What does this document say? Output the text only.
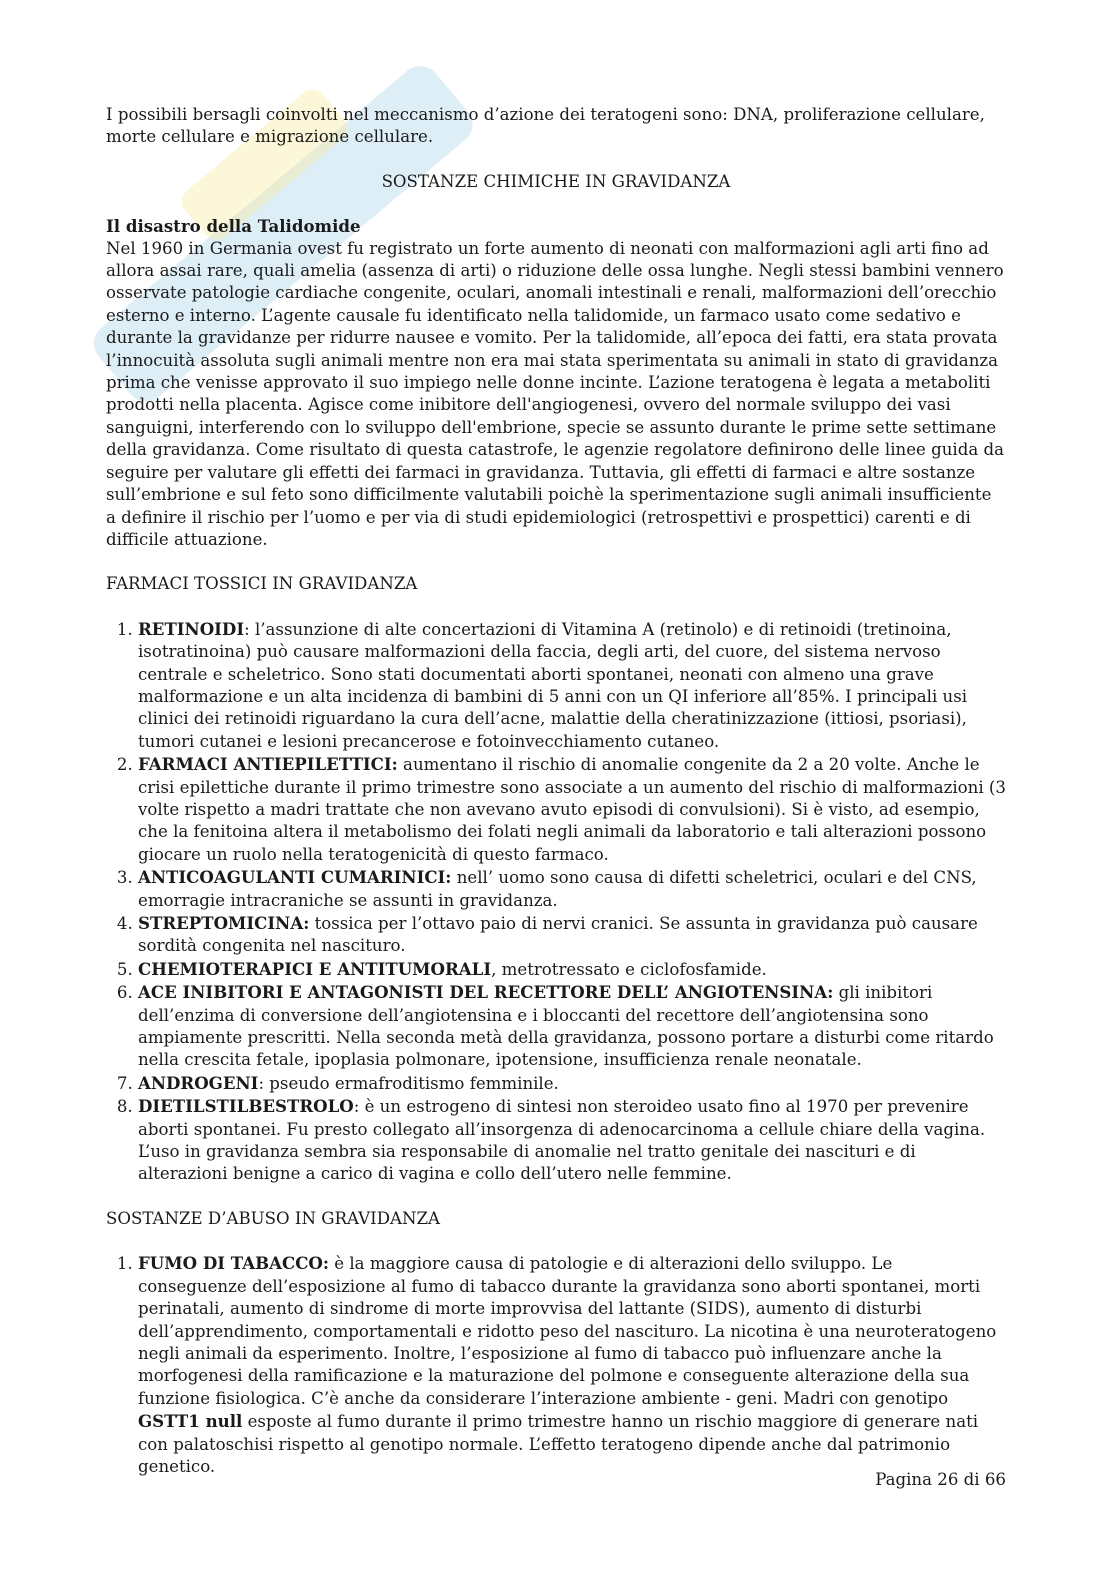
I possibili bersagli coinvolti nel meccanismo d’azione dei teratogeni sono: DNA, proliferazione cellulare, morte cellulare e migrazione cellulare.

SOSTANZE CHIMICHE IN GRAVIDANZA

Il disastro della Talidomide

Nel 1960 in Germania ovest fu registrato un forte aumento di neonati con malformazioni agli arti fino ad allora assai rare, quali amelia (assenza di arti) o riduzione delle ossa lunghe. Negli stessi bambini vennero osservate patologie cardiache congenite, oculari, anomali intestinali e renali, malformazioni dell’orecchio esterno e interno. L’agente causale fu identificato nella talidomide, un farmaco usato come sedativo e durante la gravidanze per ridurre nausee e vomito. Per la talidomide, all’epoca dei fatti, era stata provata l’innocuità assoluta sugli animali mentre non era mai stata sperimentata su animali in stato di gravidanza prima che venisse approvato il suo impiego nelle donne incinte. L’azione teratogena è legata a metaboliti prodotti nella placenta. Agisce come inibitore dell'angiogenesi, ovvero del normale sviluppo dei vasi sanguigni, interferendo con lo sviluppo dell'embrione, specie se assunto durante le prime sette settimane della gravidanza. Come risultato di questa catastrofe, le agenzie regolatore definirono delle linee guida da seguire per valutare gli effetti dei farmaci in gravidanza. Tuttavia, gli effetti di farmaci e altre sostanze sull’embrione e sul feto sono difficilmente valutabili poichè la sperimentazione sugli animali insufficiente a definire il rischio per l’uomo e per via di studi epidemiologici (retrospettivi e prospettici) carenti e di difficile attuazione.

FARMACI TOSSICI IN GRAVIDANZA

1. RETINOIDI: l’assunzione di alte concertazioni di Vitamina A (retinolo) e di retinoidi (tretinoina, isotratinoina) può causare malformazioni della faccia, degli arti, del cuore, del sistema nervoso centrale e scheletrico. Sono stati documentati aborti spontanei, neonati con almeno una grave malformazione e un alta incidenza di bambini di 5 anni con un QI inferiore all’85%. I principali usi clinici dei retinoidi riguardano la cura dell’acne, malattie della cheratinizzazione (ittiosi, psoriasi), tumori cutanei e lesioni precancerose e fotoinvecchiamento cutaneo.
2. FARMACI ANTIEPILETTICI: aumentano il rischio di anomalie congenite da 2 a 20 volte. Anche le crisi epilettiche durante il primo trimestre sono associate a un aumento del rischio di malformazioni (3 volte rispetto a madri trattate che non avevano avuto episodi di convulsioni). Si è visto, ad esempio, che la fenitoina altera il metabolismo dei folati negli animali da laboratorio e tali alterazioni possono giocare un ruolo nella teratogenicità di questo farmaco.
3. ANTICOAGULANTI CUMARINICI: nell’ uomo sono causa di difetti scheletrici, oculari e del CNS, emorragie intracraniche se assunti in gravidanza.
4. STREPTOMICINA: tossica per l’ottavo paio di nervi cranici. Se assunta in gravidanza può causare sordità congenita nel nascituro.
5. CHEMIOTERAPICI E ANTITUMORALI, metrotressato e ciclofosfamide.
6. ACE INIBITORI E ANTAGONISTI DEL RECETTORE DELL’ ANGIOTENSINA: gli inibitori dell’enzima di conversione dell’angiotensina e i bloccanti del recettore dell’angiotensina sono ampiamente prescritti. Nella seconda metà della gravidanza, possono portare a disturbi come ritardo nella crescita fetale, ipoplasia polmonare, ipotensione, insufficienza renale neonatale.
7. ANDROGENI: pseudo ermafroditismo femminile.
8. DIETILSTILBESTROLO: è un estrogeno di sintesi non steroideo usato fino al 1970 per prevenire aborti spontanei. Fu presto collegato all’insorgenza di adenocarcinoma a cellule chiare della vagina. L’uso in gravidanza sembra sia responsabile di anomalie nel tratto genitale dei nascituri e di alterazioni benigne a carico di vagina e collo dell’utero nelle femmine.

SOSTANZE D’ABUSO IN GRAVIDANZA

1. FUMO DI TABACCO: è la maggiore causa di patologie e di alterazioni dello sviluppo. Le conseguenze dell’esposizione al fumo di tabacco durante la gravidanza sono aborti spontanei, morti perinatali, aumento di sindrome di morte improvvisa del lattante (SIDS), aumento di disturbi dell’apprendimento, comportamentali e ridotto peso del nascituro. La nicotina è una neuroteratogeno negli animali da esperimento. Inoltre, l’esposizione al fumo di tabacco può influenzare anche la morfogenesi della ramificazione e la maturazione del polmone e conseguente alterazione della sua funzione fisiologica. C’è anche da considerare l’interazione ambiente - geni. Madri con genotipo GSTT1 null esposte al fumo durante il primo trimestre hanno un rischio maggiore di generare nati con palatoschisi rispetto al genotipo normale. L’effetto teratogeno dipende anche dal patrimonio genetico.
Pagina 26 di 66
